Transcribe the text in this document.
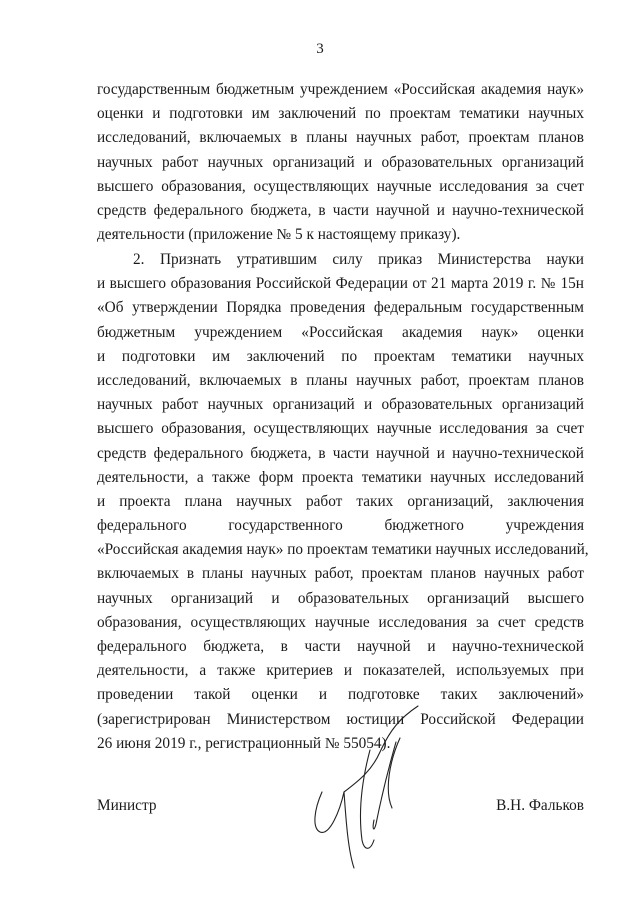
3
государственным бюджетным учреждением «Российская академия наук»
оценки и подготовки им заключений по проектам тематики научных
исследований, включаемых в планы научных работ, проектам планов
научных работ научных организаций и образовательных организаций
высшего образования, осуществляющих научные исследования за счет
средств федерального бюджета, в части научной и научно-технической
деятельности (приложение № 5 к настоящему приказу).
2. Признать утратившим силу приказ Министерства науки
и высшего образования Российской Федерации от 21 марта 2019 г. № 15н
«Об утверждении Порядка проведения федеральным государственным
бюджетным учреждением «Российская академия наук» оценки
и подготовки им заключений по проектам тематики научных
исследований, включаемых в планы научных работ, проектам планов
научных работ научных организаций и образовательных организаций
высшего образования, осуществляющих научные исследования за счет
средств федерального бюджета, в части научной и научно-технической
деятельности, а также форм проекта тематики научных исследований
и проекта плана научных работ таких организаций, заключения
федерального государственного бюджетного учреждения
«Российская академия наук» по проектам тематики научных исследований,
включаемых в планы научных работ, проектам планов научных работ
научных организаций и образовательных организаций высшего
образования, осуществляющих научные исследования за счет средств
федерального бюджета, в части научной и научно-технической
деятельности, а также критериев и показателей, используемых при
проведении такой оценки и подготовке таких заключений»
(зарегистрирован Министерством юстиции Российской Федерации
26 июня 2019 г., регистрационный № 55054).
Министр	В.Н. Фальков
